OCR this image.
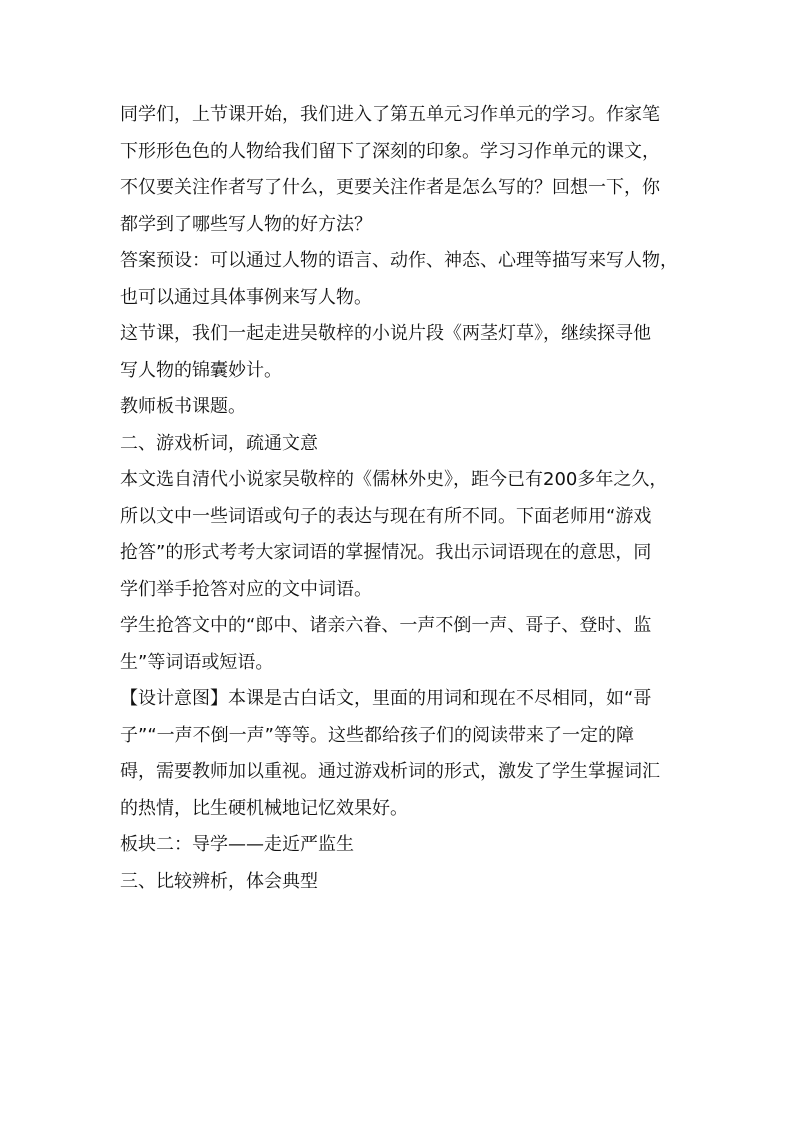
同学们，上节课开始，我们进入了第五单元习作单元的学习。作家笔
下形形色色的人物给我们留下了深刻的印象。学习习作单元的课文，
不仅要关注作者写了什么，更要关注作者是怎么写的？回想一下，你
都学到了哪些写人物的好方法？
答案预设：可以通过人物的语言、动作、神态、心理等描写来写人物，
也可以通过具体事例来写人物。
这节课，我们一起走进吴敬梓的小说片段《两茎灯草》，继续探寻他
写人物的锦囊妙计。
教师板书课题。
二、游戏析词，疏通文意
本文选自清代小说家吴敬梓的《儒林外史》，距今已有200多年之久，
所以文中一些词语或句子的表达与现在有所不同。下面老师用“游戏
抢答”的形式考考大家词语的掌握情况。我出示词语现在的意思，同
学们举手抢答对应的文中词语。
学生抢答文中的“郎中、诸亲六眷、一声不倒一声、哥子、登时、监
生”等词语或短语。
【设计意图】本课是古白话文，里面的用词和现在不尽相同，如“哥
子”“一声不倒一声”等等。这些都给孩子们的阅读带来了一定的障
碍，需要教师加以重视。通过游戏析词的形式，激发了学生掌握词汇
的热情，比生硬机械地记忆效果好。
板块二：导学——走近严监生
三、比较辨析，体会典型
